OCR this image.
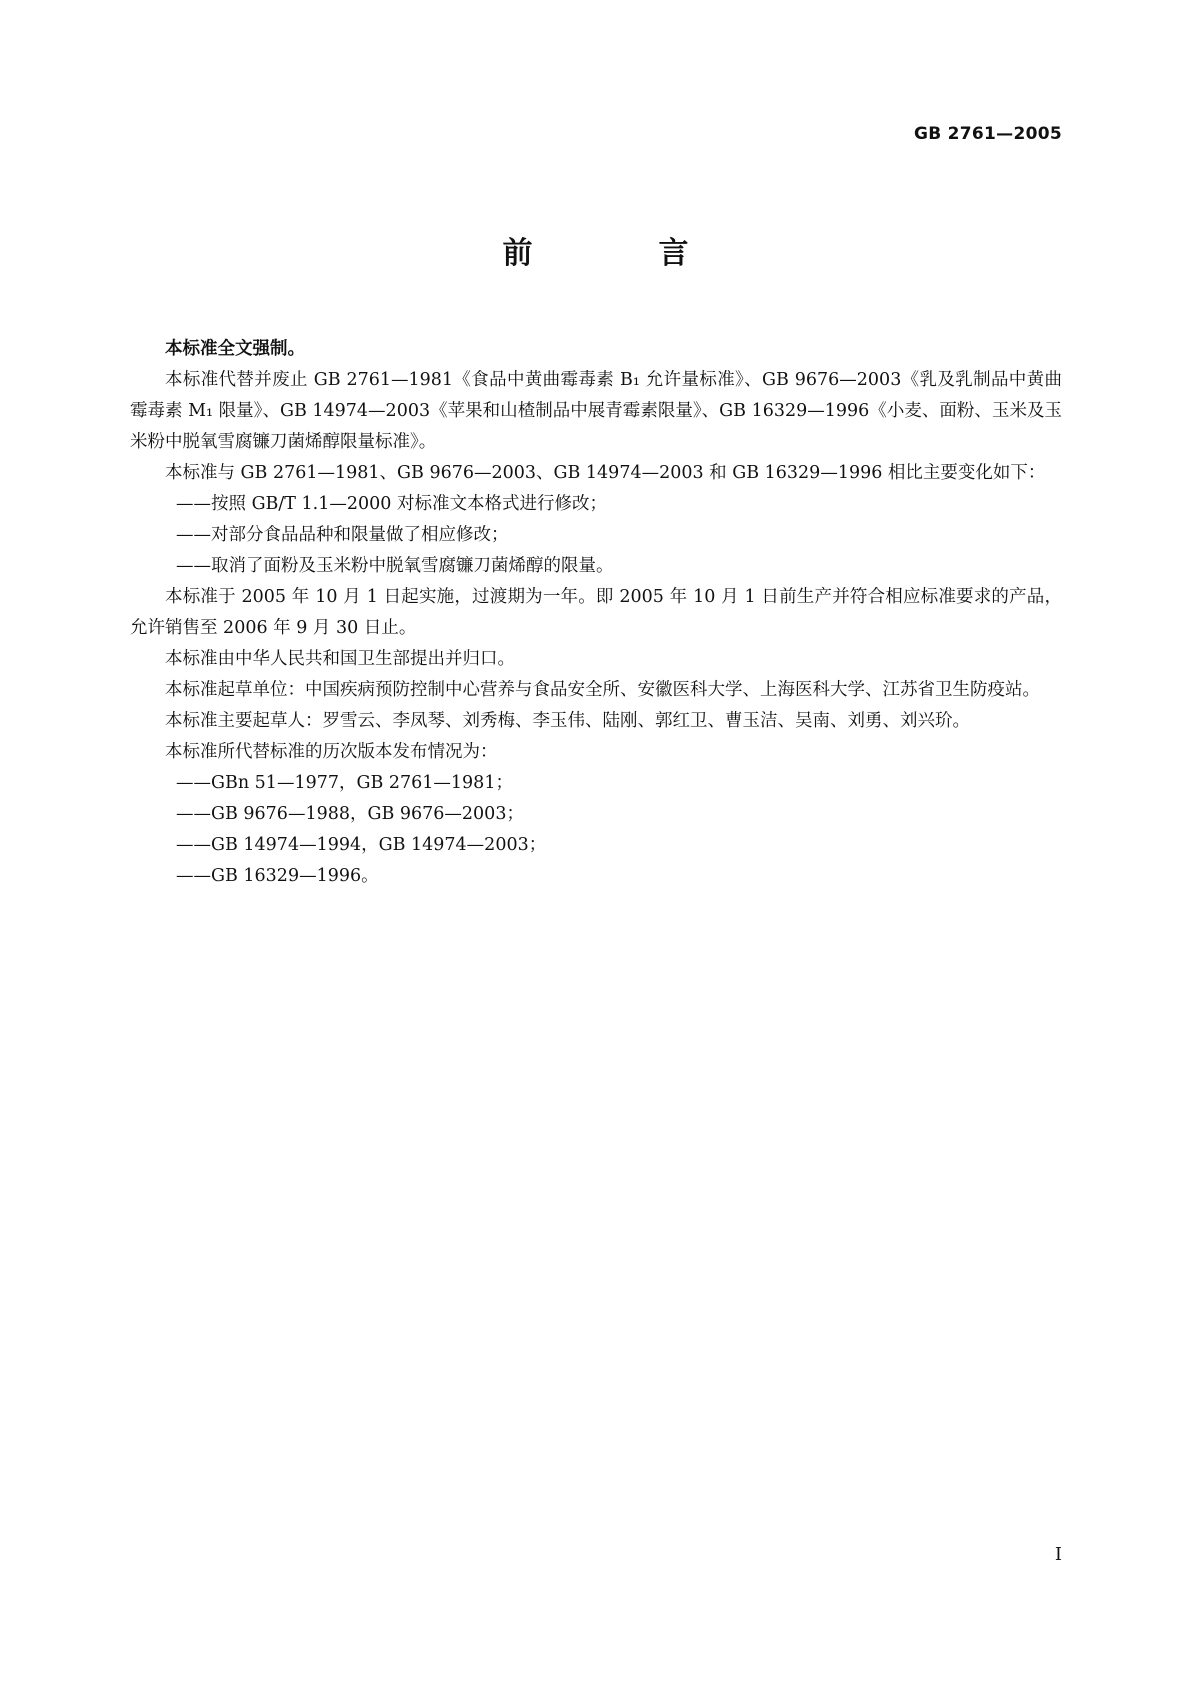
GB 2761—2005
前　言

本标准全文强制。

本标准代替并废止 GB 2761—1981《食品中黄曲霉毒素 B₁ 允许量标准》、GB 9676—2003《乳及乳制品中黄曲霉毒素 M₁ 限量》、GB 14974—2003《苹果和山楂制品中展青霉素限量》、GB 16329—1996《小麦、面粉、玉米及玉米粉中脱氧雪腐镰刀菌烯醇限量标准》。

本标准与 GB 2761—1981、GB 9676—2003、GB 14974—2003 和 GB 16329—1996 相比主要变化如下：

——按照 GB/T 1.1—2000 对标准文本格式进行修改；

——对部分食品品种和限量做了相应修改；

——取消了面粉及玉米粉中脱氧雪腐镰刀菌烯醇的限量。

本标准于 2005 年 10 月 1 日起实施，过渡期为一年。即 2005 年 10 月 1 日前生产并符合相应标准要求的产品，允许销售至 2006 年 9 月 30 日止。

本标准由中华人民共和国卫生部提出并归口。

本标准起草单位：中国疾病预防控制中心营养与食品安全所、安徽医科大学、上海医科大学、江苏省卫生防疫站。

本标准主要起草人：罗雪云、李凤琴、刘秀梅、李玉伟、陆刚、郭红卫、曹玉洁、吴南、刘勇、刘兴玠。

本标准所代替标准的历次版本发布情况为：

——GBn 51—1977，GB 2761—1981；

——GB 9676—1988，GB 9676—2003；

——GB 14974—1994，GB 14974—2003；

——GB 16329—1996。

I
